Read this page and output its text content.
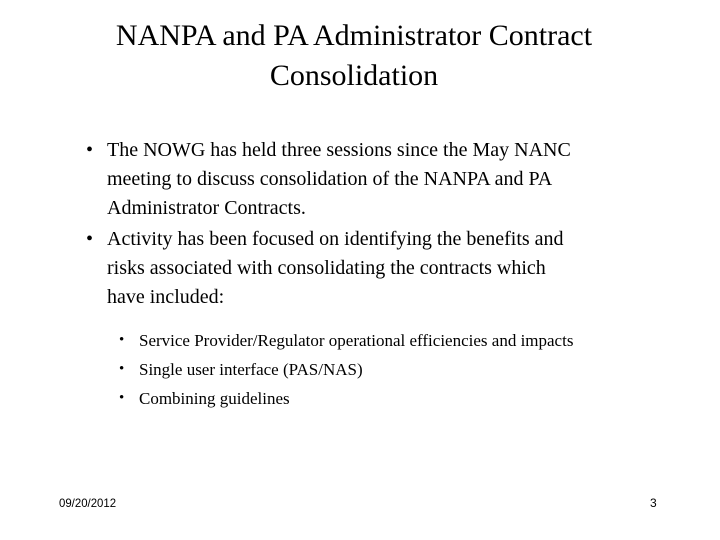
NANPA and PA Administrator Contract
Consolidation
• The NOWG has held three sessions since the May NANC
meeting to discuss consolidation of the NANPA and PA
Administrator Contracts.
• Activity has been focused on identifying the benefits and
risks associated with consolidating the contracts which
have included:
• Service Provider/Regulator operational efficiencies and impacts
• Single user interface (PAS/NAS)
• Combining guidelines
09/20/2012	3
